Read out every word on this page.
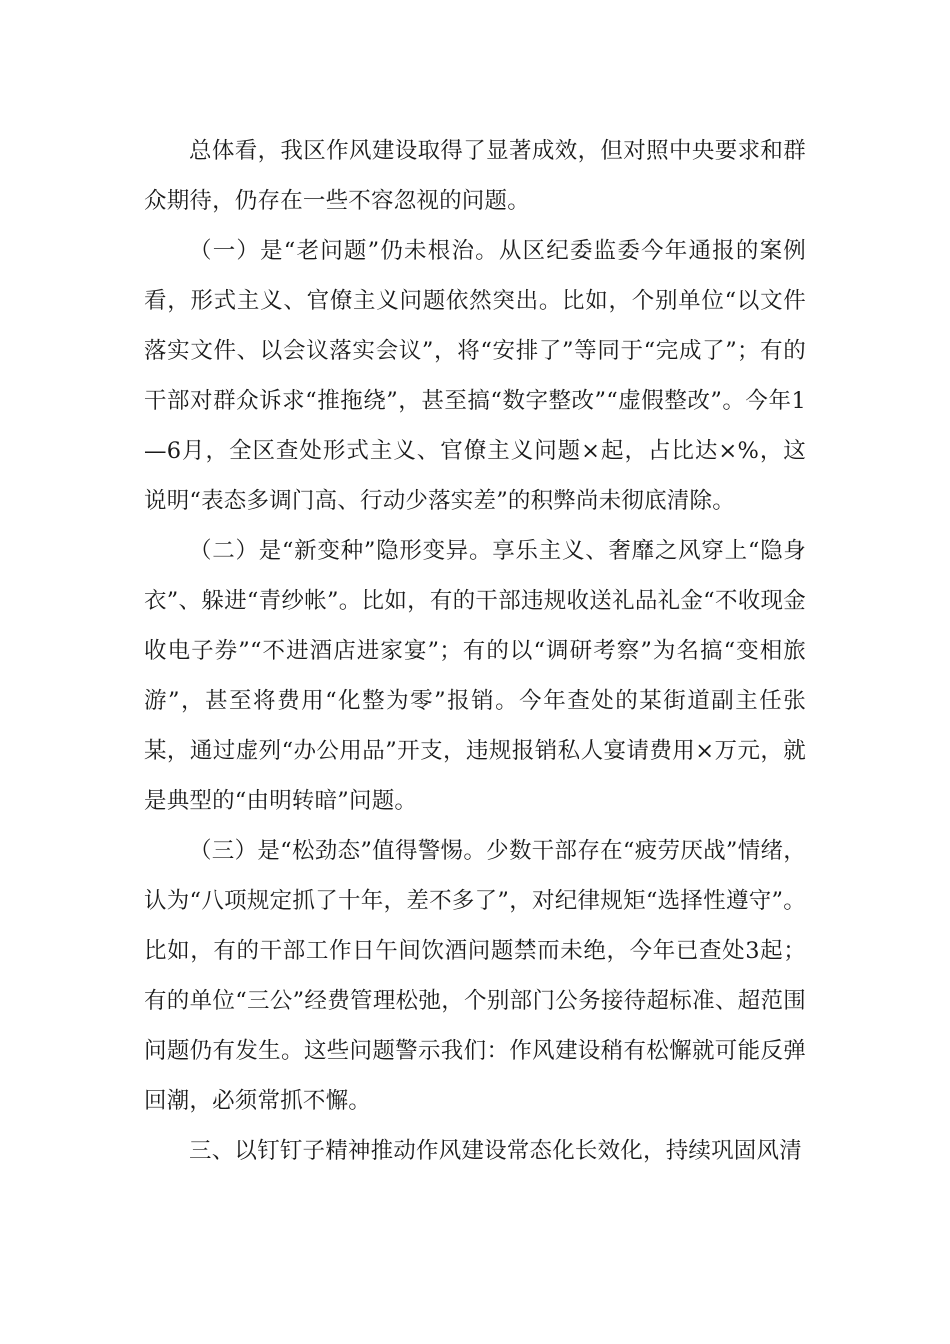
总体看，我区作风建设取得了显著成效，但对照中央要求和群众期待，仍存在一些不容忽视的问题。

（一）是“老问题”仍未根治。从区纪委监委今年通报的案例看，形式主义、官僚主义问题依然突出。比如，个别单位“以文件落实文件、以会议落实会议”，将“安排了”等同于“完成了”；有的干部对群众诉求“推拖绕”，甚至搞“数字整改”“虚假整改”。今年1—6月，全区查处形式主义、官僚主义问题×起，占比达×%，这说明“表态多调门高、行动少落实差”的积弊尚未彻底清除。

（二）是“新变种”隐形变异。享乐主义、奢靡之风穿上“隐身衣”、躲进“青纱帐”。比如，有的干部违规收送礼品礼金“不收现金收电子券”“不进酒店进家宴”；有的以“调研考察”为名搞“变相旅游”，甚至将费用“化整为零”报销。今年查处的某街道副主任张某，通过虚列“办公用品”开支，违规报销私人宴请费用×万元，就是典型的“由明转暗”问题。

（三）是“松劲态”值得警惕。少数干部存在“疲劳厌战”情绪，认为“八项规定抓了十年，差不多了”，对纪律规矩“选择性遵守”。比如，有的干部工作日午间饮酒问题禁而未绝，今年已查处3起；有的单位“三公”经费管理松弛，个别部门公务接待超标准、超范围问题仍有发生。这些问题警示我们：作风建设稍有松懈就可能反弹回潮，必须常抓不懈。

三、以钉钉子精神推动作风建设常态化长效化，持续巩固风清
